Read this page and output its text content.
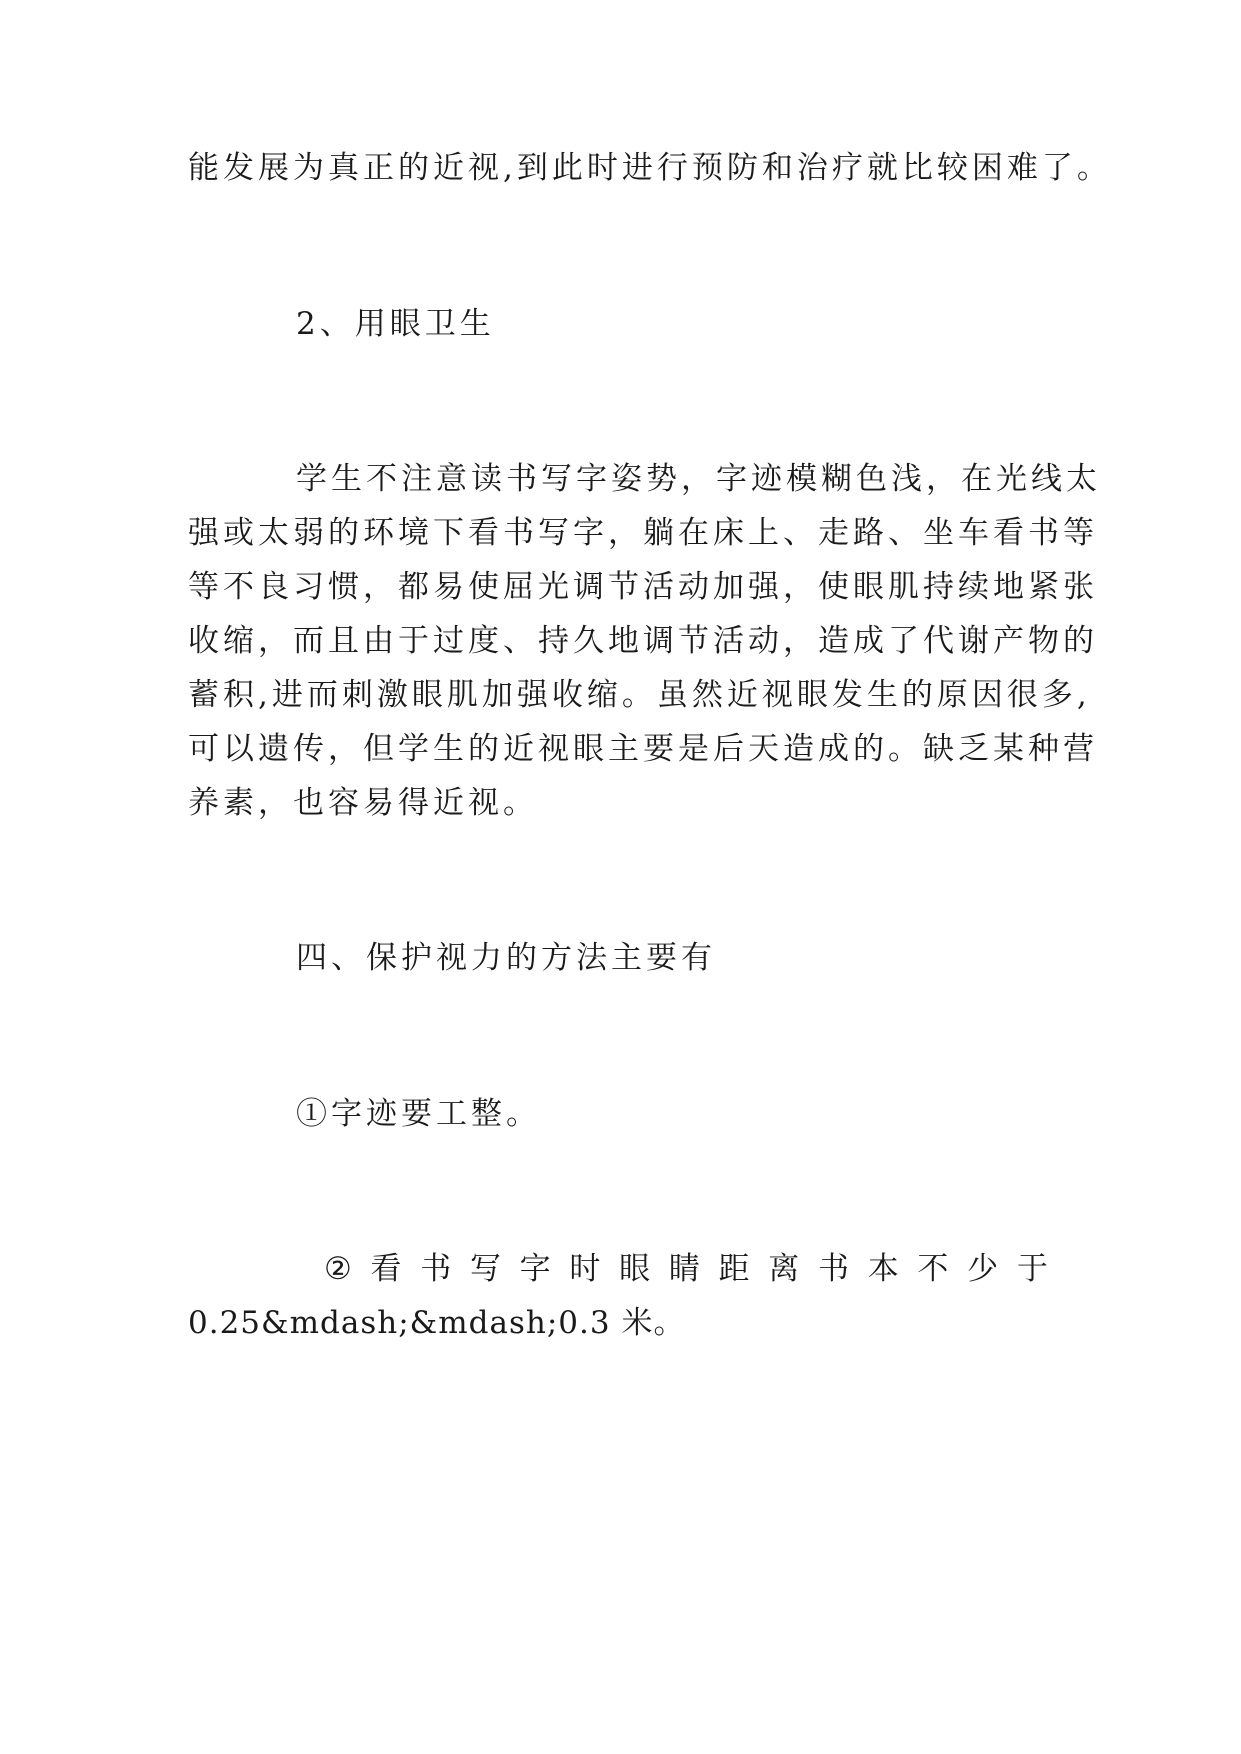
能发展为真正的近视,到此时进行预防和治疗就比较困难了。
2、用眼卫生
学生不注意读书写字姿势，字迹模糊色浅，在光线太
强或太弱的环境下看书写字，躺在床上、走路、坐车看书等
等不良习惯，都易使屈光调节活动加强，使眼肌持续地紧张
收缩，而且由于过度、持久地调节活动，造成了代谢产物的
蓄积,进而刺激眼肌加强收缩。虽然近视眼发生的原因很多,
可以遗传，但学生的近视眼主要是后天造成的。缺乏某种营
养素，也容易得近视。
四、保护视力的方法主要有
①字迹要工整。
② 看 书 写 字 时 眼 睛 距 离 书 本 不 少 于
0.25&mdash;&mdash;0.3 米。
